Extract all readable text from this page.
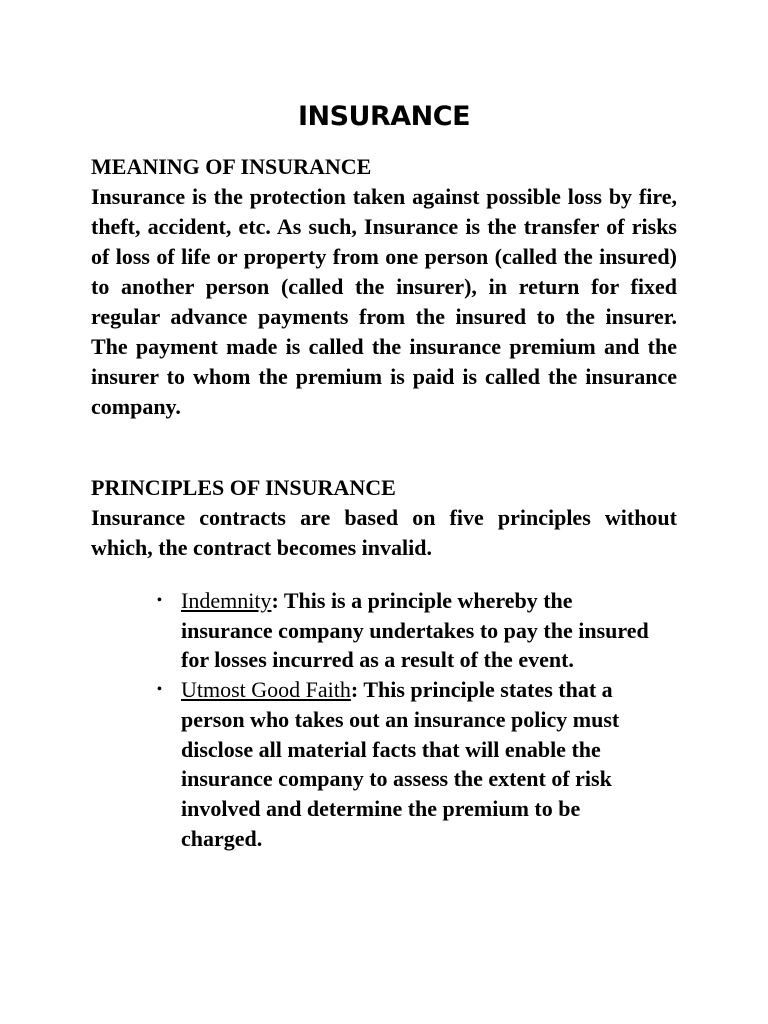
INSURANCE
MEANING OF INSURANCE

Insurance is the protection taken against possible loss by fire, theft, accident, etc. As such, Insurance is the transfer of risks of loss of life or property from one person (called the insured) to another person (called the insurer), in return for fixed regular advance payments from the insured to the insurer. The payment made is called the insurance premium and the insurer to whom the premium is paid is called the insurance company.

PRINCIPLES OF INSURANCE

Insurance contracts are based on five principles without which, the contract becomes invalid.

• Indemnity: This is a principle whereby the insurance company undertakes to pay the insured for losses incurred as a result of the event.
• Utmost Good Faith: This principle states that a person who takes out an insurance policy must disclose all material facts that will enable the insurance company to assess the extent of risk involved and determine the premium to be charged.
